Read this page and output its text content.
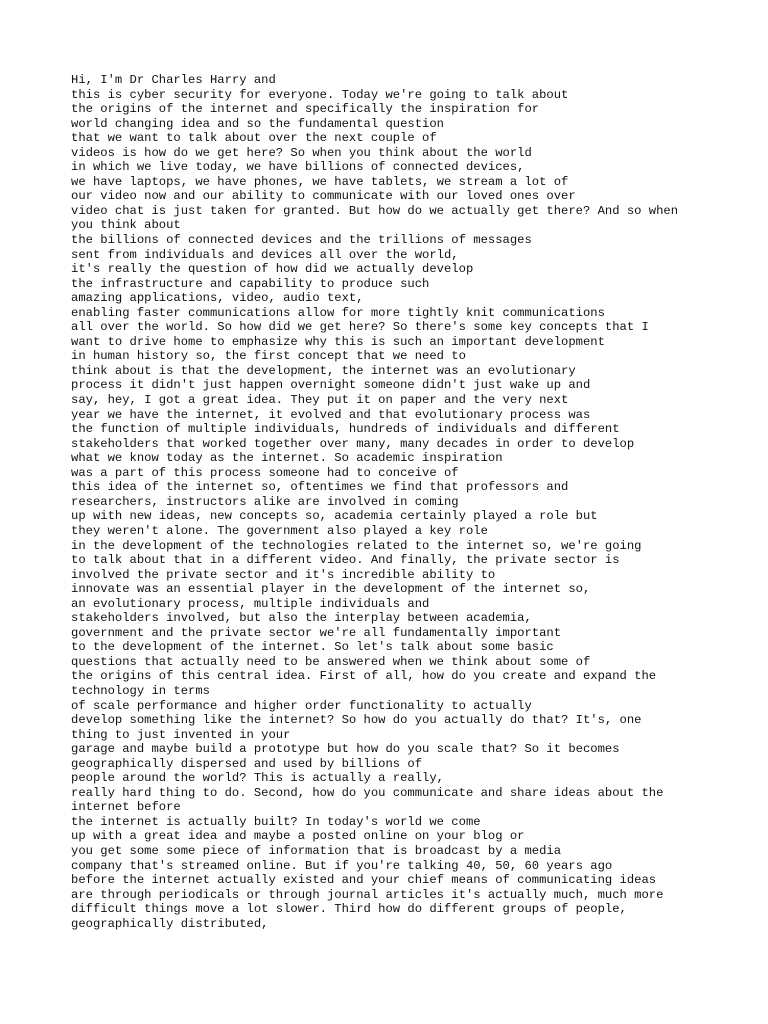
Hi, I'm Dr Charles Harry and
this is cyber security for everyone. Today we're going to talk about
the origins of the internet and specifically the inspiration for
world changing idea and so the fundamental question
that we want to talk about over the next couple of
videos is how do we get here? So when you think about the world
in which we live today, we have billions of connected devices,
we have laptops, we have phones, we have tablets, we stream a lot of
our video now and our ability to communicate with our loved ones over
video chat is just taken for granted. But how do we actually get there? And so when
you think about
the billions of connected devices and the trillions of messages
sent from individuals and devices all over the world,
it's really the question of how did we actually develop
the infrastructure and capability to produce such
amazing applications, video, audio text,
enabling faster communications allow for more tightly knit communications
all over the world. So how did we get here? So there's some key concepts that I
want to drive home to emphasize why this is such an important development
in human history so, the first concept that we need to
think about is that the development, the internet was an evolutionary
process it didn't just happen overnight someone didn't just wake up and
say, hey, I got a great idea. They put it on paper and the very next
year we have the internet, it evolved and that evolutionary process was
the function of multiple individuals, hundreds of individuals and different
stakeholders that worked together over many, many decades in order to develop
what we know today as the internet. So academic inspiration
was a part of this process someone had to conceive of
this idea of the internet so, oftentimes we find that professors and
researchers, instructors alike are involved in coming
up with new ideas, new concepts so, academia certainly played a role but
they weren't alone. The government also played a key role
in the development of the technologies related to the internet so, we're going
to talk about that in a different video. And finally, the private sector is
involved the private sector and it's incredible ability to
innovate was an essential player in the development of the internet so,
an evolutionary process, multiple individuals and
stakeholders involved, but also the interplay between academia,
government and the private sector we're all fundamentally important
to the development of the internet. So let's talk about some basic
questions that actually need to be answered when we think about some of
the origins of this central idea. First of all, how do you create and expand the
technology in terms
of scale performance and higher order functionality to actually
develop something like the internet? So how do you actually do that? It's, one
thing to just invented in your
garage and maybe build a prototype but how do you scale that? So it becomes
geographically dispersed and used by billions of
people around the world? This is actually a really,
really hard thing to do. Second, how do you communicate and share ideas about the
internet before
the internet is actually built? In today's world we come
up with a great idea and maybe a posted online on your blog or
you get some some piece of information that is broadcast by a media
company that's streamed online. But if you're talking 40, 50, 60 years ago
before the internet actually existed and your chief means of communicating ideas
are through periodicals or through journal articles it's actually much, much more
difficult things move a lot slower. Third how do different groups of people,
geographically distributed,
